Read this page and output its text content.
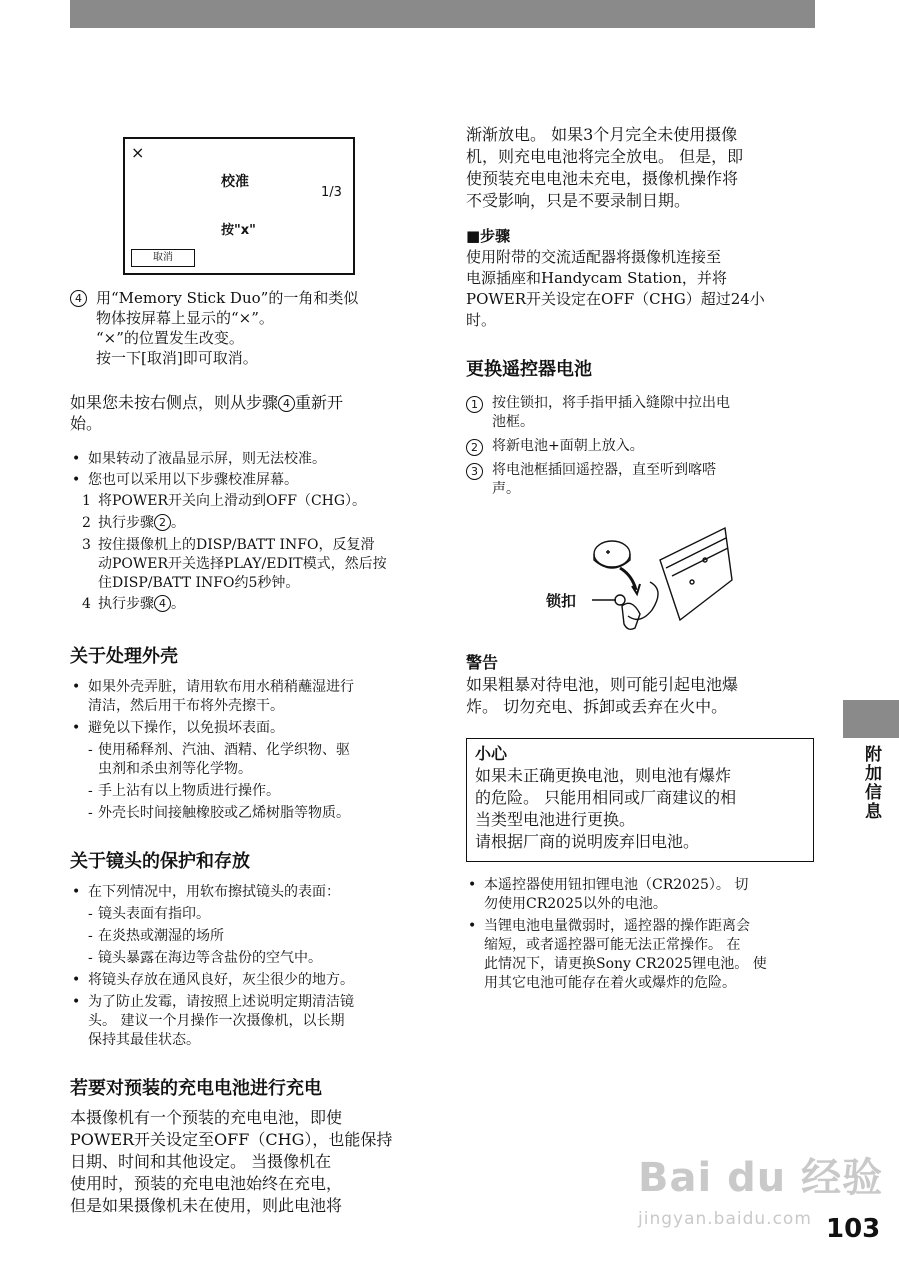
×
校准
1/3
按"x"
取消
4 用“Memory Stick Duo”的一角和类似
物体按屏幕上显示的“×”。
“×”的位置发生改变。
按一下[取消]即可取消。
如果您未按右侧点，则从步骤 4 重新开
始。
• 如果转动了液晶显示屏，则无法校准。
• 您也可以采用以下步骤校准屏幕。
1 将POWER开关向上滑动到OFF（CHG）。
2 执行步骤 2 。
3 按住摄像机上的DISP/BATT INFO，反复滑
动POWER开关选择PLAY/EDIT模式，然后按
住DISP/BATT INFO约5秒钟。
4 执行步骤 4 。
关于处理外壳
• 如果外壳弄脏，请用软布用水稍稍蘸湿进行
清洁，然后用干布将外壳擦干。
• 避免以下操作，以免损坏表面。
- 使用稀释剂、汽油、酒精、化学织物、驱
虫剂和杀虫剂等化学物。
- 手上沾有以上物质进行操作。
- 外壳长时间接触橡胶或乙烯树脂等物质。
关于镜头的保护和存放
• 在下列情况中，用软布擦拭镜头的表面：
- 镜头表面有指印。
- 在炎热或潮湿的场所
- 镜头暴露在海边等含盐份的空气中。
• 将镜头存放在通风良好，灰尘很少的地方。
• 为了防止发霉，请按照上述说明定期清洁镜
头。 建议一个月操作一次摄像机，以长期
保持其最佳状态。
若要对预装的充电电池进行充电
本摄像机有一个预装的充电电池，即使
POWER开关设定至OFF（CHG），也能保持
日期、时间和其他设定。 当摄像机在
使用时，预装的充电电池始终在充电，
但是如果摄像机未在使用，则此电池将
渐渐放电。 如果3个月完全未使用摄像
机，则充电电池将完全放电。 但是，即
使预装充电电池未充电，摄像机操作将
不受影响，只是不要录制日期。
■步骤
使用附带的交流适配器将摄像机连接至
电源插座和Handycam Station，并将
POWER开关设定在OFF（CHG）超过24小
时。
更换遥控器电池
1	按住锁扣，将手指甲插入缝隙中拉出电
池框。
2	将新电池+面朝上放入。
3	将电池框插回遥控器，直至听到喀嗒
声。
锁扣
警告
如果粗暴对待电池，则可能引起电池爆
炸。 切勿充电、拆卸或丢弃在火中。
小心
如果未正确更换电池，则电池有爆炸
的危险。 只能用相同或厂商建议的相
当类型电池进行更换。
请根据厂商的说明废弃旧电池。
• 本遥控器使用钮扣锂电池（CR2025）。 切
勿使用CR2025以外的电池。
• 当锂电池电量微弱时，遥控器的操作距离会
缩短，或者遥控器可能无法正常操作。 在
此情况下，请更换Sony CR2025锂电池。 使
用其它电池可能存在着火或爆炸的危险。
附加信息
Bai du 经验
jingyan.baidu.com 103
